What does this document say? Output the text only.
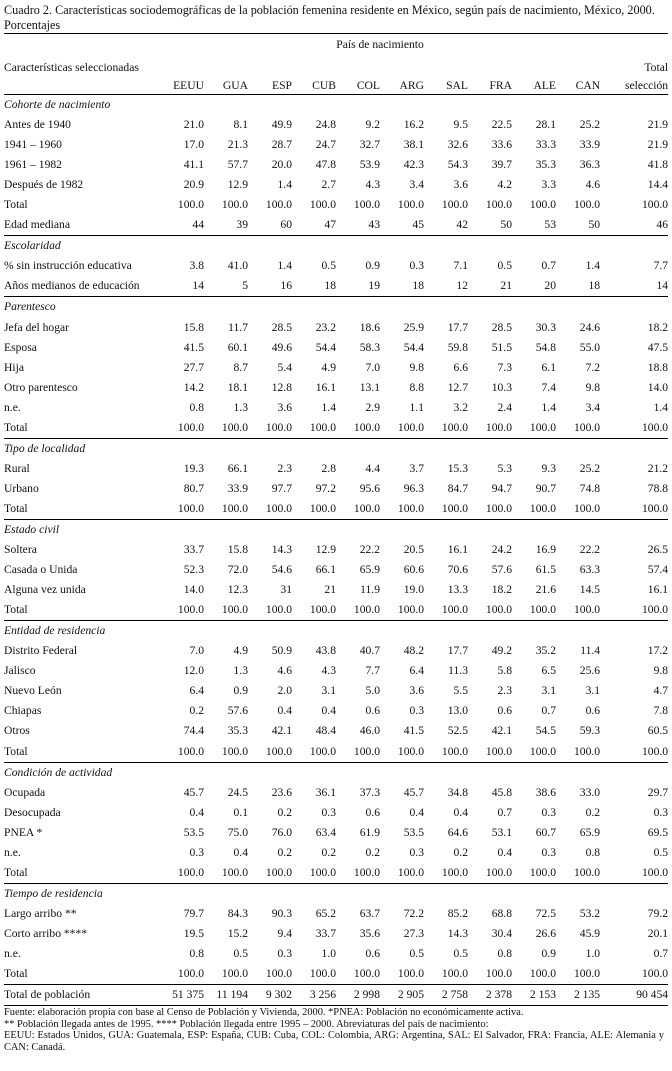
Cuadro 2. Características sociodemográficas de la población femenina residente en México, según país de nacimiento, México, 2000. Porcentajes

	País de nacimiento										
Características seleccionadas											Total
	EEUU	GUA	ESP	CUB	COL	ARG	SAL	FRA	ALE	CAN	selección
Cohorte de nacimiento											
Antes de 1940	21.0	8.1	49.9	24.8	9.2	16.2	9.5	22.5	28.1	25.2	21.9
1941 – 1960	17.0	21.3	28.7	24.7	32.7	38.1	32.6	33.6	33.3	33.9	21.9
1961 – 1982	41.1	57.7	20.0	47.8	53.9	42.3	54.3	39.7	35.3	36.3	41.8
Después de 1982	20.9	12.9	1.4	2.7	4.3	3.4	3.6	4.2	3.3	4.6	14.4
Total	100.0	100.0	100.0	100.0	100.0	100.0	100.0	100.0	100.0	100.0	100.0
Edad mediana	44	39	60	47	43	45	42	50	53	50	46
Escolaridad											
% sin instrucción educativa	3.8	41.0	1.4	0.5	0.9	0.3	7.1	0.5	0.7	1.4	7.7
Años medianos de educación	14	5	16	18	19	18	12	21	20	18	14
Parentesco											
Jefa del hogar	15.8	11.7	28.5	23.2	18.6	25.9	17.7	28.5	30.3	24.6	18.2
Esposa	41.5	60.1	49.6	54.4	58.3	54.4	59.8	51.5	54.8	55.0	47.5
Hija	27.7	8.7	5.4	4.9	7.0	9.8	6.6	7.3	6.1	7.2	18.8
Otro parentesco	14.2	18.1	12.8	16.1	13.1	8.8	12.7	10.3	7.4	9.8	14.0
n.e.	0.8	1.3	3.6	1.4	2.9	1.1	3.2	2.4	1.4	3.4	1.4
Total	100.0	100.0	100.0	100.0	100.0	100.0	100.0	100.0	100.0	100.0	100.0
Tipo de localidad											
Rural	19.3	66.1	2.3	2.8	4.4	3.7	15.3	5.3	9.3	25.2	21.2
Urbano	80.7	33.9	97.7	97.2	95.6	96.3	84.7	94.7	90.7	74.8	78.8
Total	100.0	100.0	100.0	100.0	100.0	100.0	100.0	100.0	100.0	100.0	100.0
Estado civil											
Soltera	33.7	15.8	14.3	12.9	22.2	20.5	16.1	24.2	16.9	22.2	26.5
Casada o Unida	52.3	72.0	54.6	66.1	65.9	60.6	70.6	57.6	61.5	63.3	57.4
Alguna vez unida	14.0	12.3	31	21	11.9	19.0	13.3	18.2	21.6	14.5	16.1
Total	100.0	100.0	100.0	100.0	100.0	100.0	100.0	100.0	100.0	100.0	100.0
Entidad de residencia											
Distrito Federal	7.0	4.9	50.9	43.8	40.7	48.2	17.7	49.2	35.2	11.4	17.2
Jalisco	12.0	1.3	4.6	4.3	7.7	6.4	11.3	5.8	6.5	25.6	9.8
Nuevo León	6.4	0.9	2.0	3.1	5.0	3.6	5.5	2.3	3.1	3.1	4.7
Chiapas	0.2	57.6	0.4	0.4	0.6	0.3	13.0	0.6	0.7	0.6	7.8
Otros	74.4	35.3	42.1	48.4	46.0	41.5	52.5	42.1	54.5	59.3	60.5
Total	100.0	100.0	100.0	100.0	100.0	100.0	100.0	100.0	100.0	100.0	100.0
Condición de actividad											
Ocupada	45.7	24.5	23.6	36.1	37.3	45.7	34.8	45.8	38.6	33.0	29.7
Desocupada	0.4	0.1	0.2	0.3	0.6	0.4	0.4	0.7	0.3	0.2	0.3
PNEA *	53.5	75.0	76.0	63.4	61.9	53.5	64.6	53.1	60.7	65.9	69.5
n.e.	0.3	0.4	0.2	0.2	0.2	0.3	0.2	0.4	0.3	0.8	0.5
Total	100.0	100.0	100.0	100.0	100.0	100.0	100.0	100.0	100.0	100.0	100.0
Tiempo de residencia											
Largo arribo **	79.7	84.3	90.3	65.2	63.7	72.2	85.2	68.8	72.5	53.2	79.2
Corto arribo ****	19.5	15.2	9.4	33.7	35.6	27.3	14.3	30.4	26.6	45.9	20.1
n.e.	0.8	0.5	0.3	1.0	0.6	0.5	0.5	0.8	0.9	1.0	0.7
Total	100.0	100.0	100.0	100.0	100.0	100.0	100.0	100.0	100.0	100.0	100.0
Total de población	51 375	11 194	9 302	3 256	2 998	2 905	2 758	2 378	2 153	2 135	90 454

Fuente: elaboración propia con base al Censo de Población y Vivienda, 2000. *PNEA: Población no económicamente activa.

** Población llegada antes de 1995. **** Población llegada entre 1995 – 2000. Abreviaturas del país de nacimiento:

EEUU: Estados Unidos, GUA: Guatemala, ESP: España, CUB: Cuba, COL: Colombia, ARG: Argentina, SAL: El Salvador, FRA: Francia, ALE: Alemania y CAN: Canadá.
